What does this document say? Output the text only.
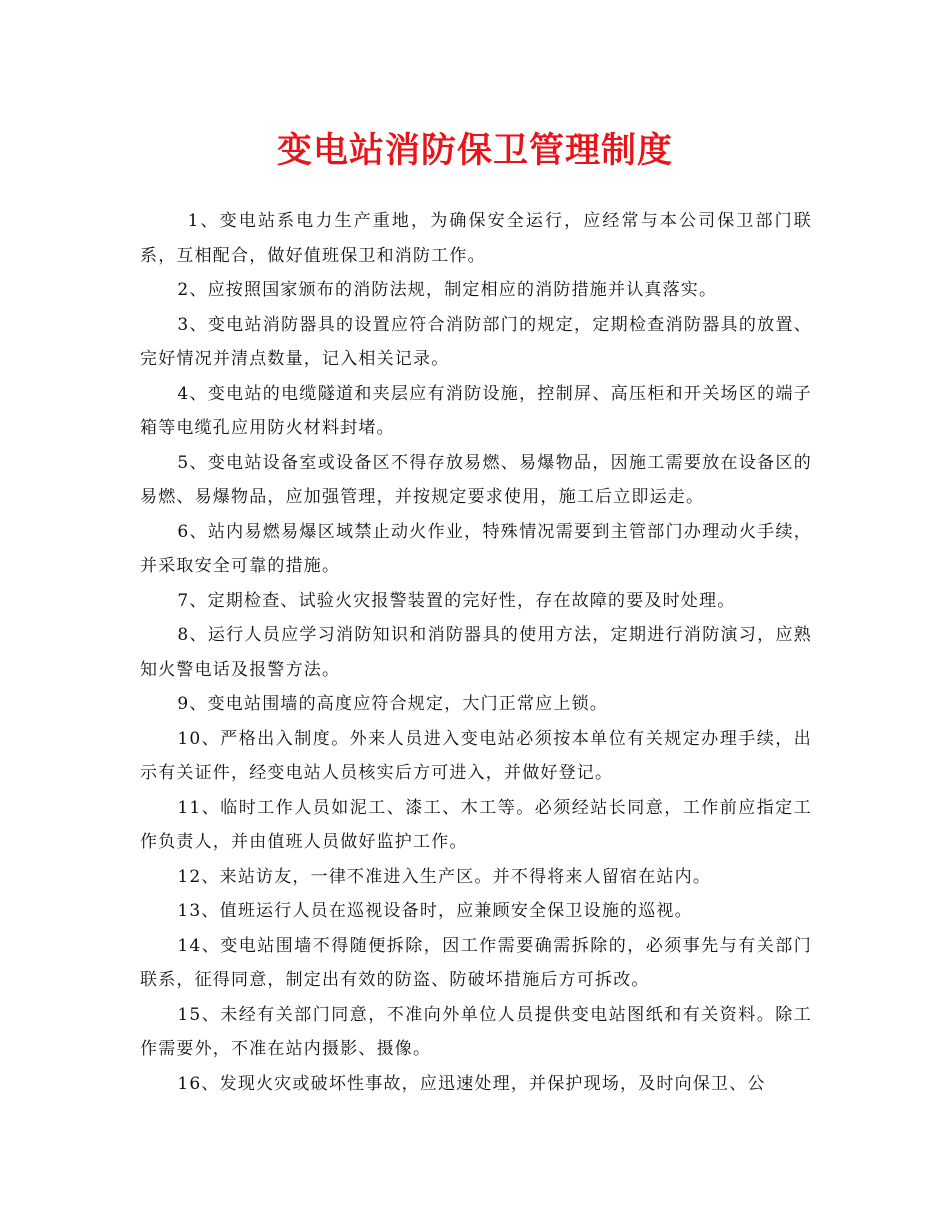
变电站消防保卫管理制度

1、变电站系电力生产重地，为确保安全运行，应经常与本公司保卫部门联系，互相配合，做好值班保卫和消防工作。

2、应按照国家颁布的消防法规，制定相应的消防措施并认真落实。

3、变电站消防器具的设置应符合消防部门的规定，定期检查消防器具的放置、完好情况并清点数量，记入相关记录。

4、变电站的电缆隧道和夹层应有消防设施，控制屏、高压柜和开关场区的端子箱等电缆孔应用防火材料封堵。

5、变电站设备室或设备区不得存放易燃、易爆物品，因施工需要放在设备区的易燃、易爆物品，应加强管理，并按规定要求使用，施工后立即运走。

6、站内易燃易爆区域禁止动火作业，特殊情况需要到主管部门办理动火手续，并采取安全可靠的措施。

7、定期检查、试验火灾报警装置的完好性，存在故障的要及时处理。

8、运行人员应学习消防知识和消防器具的使用方法，定期进行消防演习，应熟知火警电话及报警方法。

9、变电站围墙的高度应符合规定，大门正常应上锁。

10、严格出入制度。外来人员进入变电站必须按本单位有关规定办理手续，出示有关证件，经变电站人员核实后方可进入，并做好登记。

11、临时工作人员如泥工、漆工、木工等。必须经站长同意，工作前应指定工作负责人，并由值班人员做好监护工作。

12、来站访友，一律不准进入生产区。并不得将来人留宿在站内。

13、值班运行人员在巡视设备时，应兼顾安全保卫设施的巡视。

14、变电站围墙不得随便拆除，因工作需要确需拆除的，必须事先与有关部门联系，征得同意，制定出有效的防盗、防破坏措施后方可拆改。

15、未经有关部门同意，不准向外单位人员提供变电站图纸和有关资料。除工作需要外，不准在站内摄影、摄像。

16、发现火灾或破坏性事故，应迅速处理，并保护现场，及时向保卫、公
